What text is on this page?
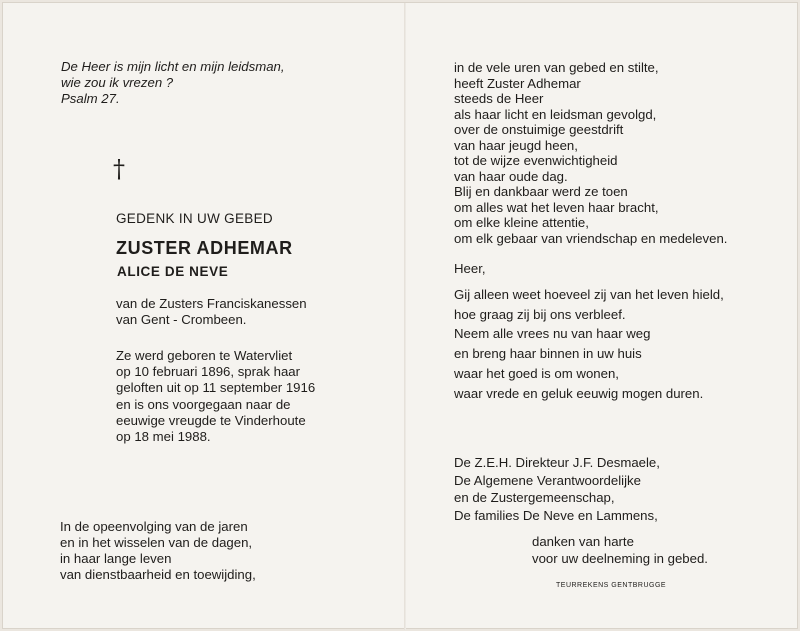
De Heer is mijn licht en mijn leidsman,
wie zou ik vrezen ?
Psalm 27.
†
GEDENK IN UW GEBED
ZUSTER ADHEMAR
ALICE DE NEVE
van de Zusters Franciskanessen
van Gent - Crombeen.
Ze werd geboren te Watervliet
op 10 februari 1896, sprak haar
geloften uit op 11 september 1916
en is ons voorgegaan naar de
eeuwige vreugde te Vinderhoute
op 18 mei 1988.
In de opeenvolging van de jaren
en in het wisselen van de dagen,
in haar lange leven
van dienstbaarheid en toewijding,
in de vele uren van gebed en stilte,
heeft Zuster Adhemar
steeds de Heer
als haar licht en leidsman gevolgd,
over de onstuimige geestdrift
van haar jeugd heen,
tot de wijze evenwichtigheid
van haar oude dag.
Blij en dankbaar werd ze toen
om alles wat het leven haar bracht,
om elke kleine attentie,
om elk gebaar van vriendschap en medeleven.
Heer,
Gij alleen weet hoeveel zij van het leven hield,
hoe graag zij bij ons verbleef.
Neem alle vrees nu van haar weg
en breng haar binnen in uw huis
waar het goed is om wonen,
waar vrede en geluk eeuwig mogen duren.
De Z.E.H. Direkteur J.F. Desmaele,
De Algemene Verantwoordelijke
en de Zustergemeenschap,
De families De Neve en Lammens,
danken van harte
voor uw deelneming in gebed.
TEURREKENS GENTBRUGGE
